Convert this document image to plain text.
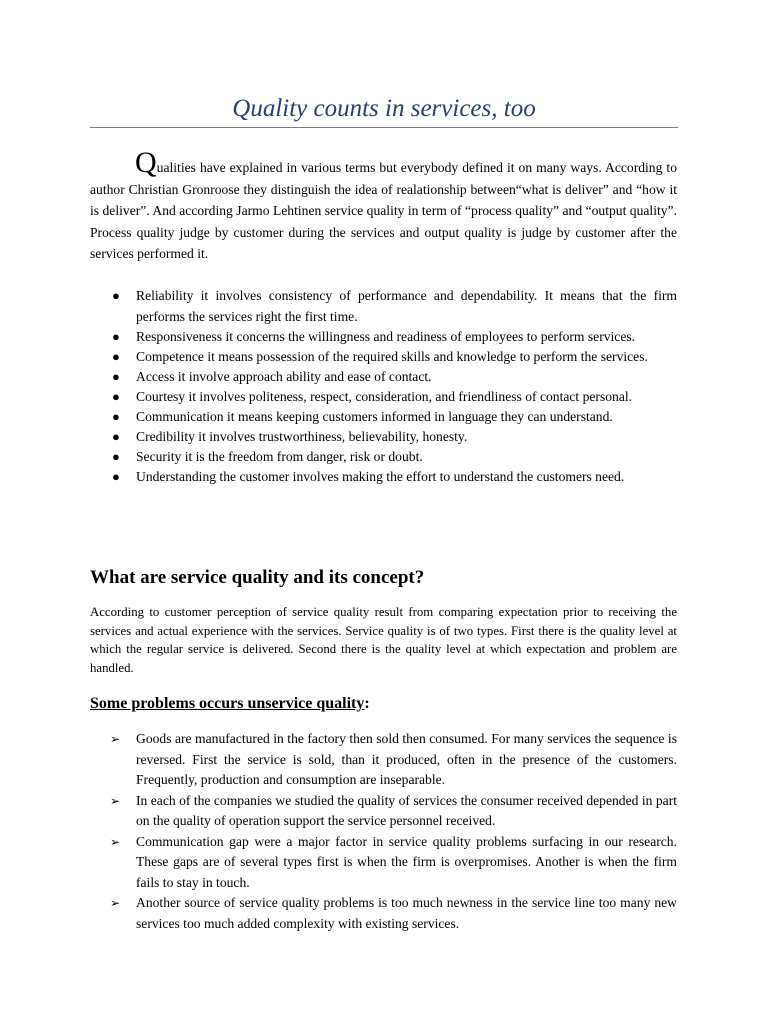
Quality counts in services, too

Qualities have explained in various terms but everybody defined it on many ways. According to author Christian Gronroose they distinguish the idea of realationship between“what is deliver” and “how it is deliver”. And according Jarmo Lehtinen service quality in term of “process quality” and “output quality”. Process quality judge by customer during the services and output quality is judge by customer after the services performed it.

● Reliability it involves consistency of performance and dependability. It means that the firm performs the services right the first time.
● Responsiveness it concerns the willingness and readiness of employees to perform services.
● Competence it means possession of the required skills and knowledge to perform the services.
● Access it involve approach ability and ease of contact.
● Courtesy it involves politeness, respect, consideration, and friendliness of contact personal.
● Communication it means keeping customers informed in language they can understand.
● Credibility it involves trustworthiness, believability, honesty.
● Security it is the freedom from danger, risk or doubt.
● Understanding the customer involves making the effort to understand the customers need.
What are service quality and its concept?

According to customer perception of service quality result from comparing expectation prior to receiving the services and actual experience with the services. Service quality is of two types. First there is the quality level at which the regular service is delivered. Second there is the quality level at which expectation and problem are handled.

Some problems occurs unservice quality:
➢ Goods are manufactured in the factory then sold then consumed. For many services the sequence is reversed. First the service is sold, than it produced, often in the presence of the customers. Frequently, production and consumption are inseparable.
➢ In each of the companies we studied the quality of services the consumer received depended in part on the quality of operation support the service personnel received.
➢ Communication gap were a major factor in service quality problems surfacing in our research. These gaps are of several types first is when the firm is overpromises. Another is when the firm fails to stay in touch.
➢ Another source of service quality problems is too much newness in the service line too many new services too much added complexity with existing services.
